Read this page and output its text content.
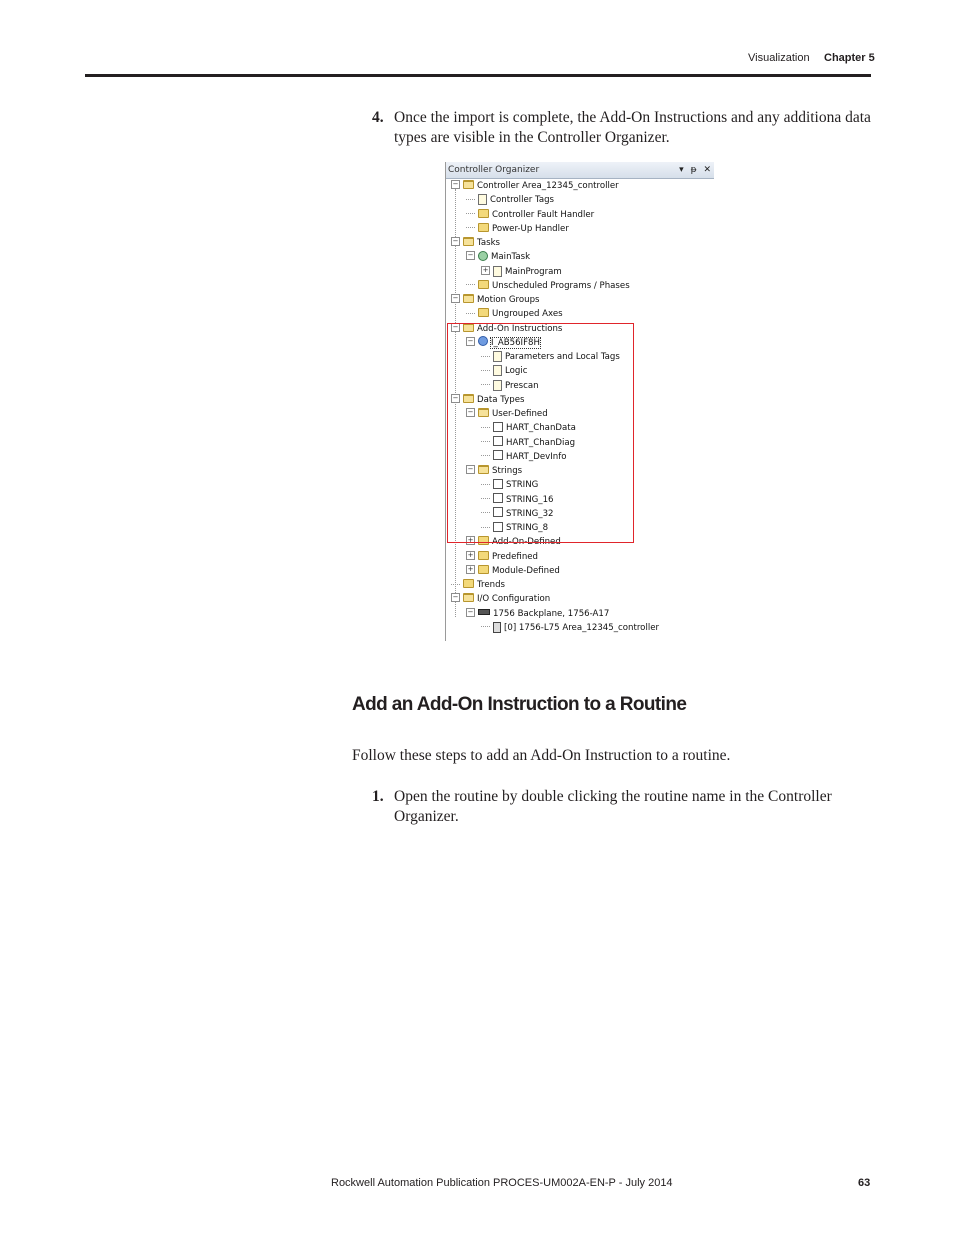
Visualization Chapter 5
4. Once the import is complete, the Add-On Instructions and any additiona data types are visible in the Controller Organizer.
Controller Organizer	▾ ᵽ ✕
− Controller Area_12345_controller
Controller Tags
Controller Fault Handler
Power-Up Handler
− Tasks
− MainTask
+ MainProgram
Unscheduled Programs / Phases
− Motion Groups
Ungrouped Axes
− Add-On Instructions
− I_AB56IF8H
Parameters and Local Tags
Logic
Prescan
− Data Types
− User-Defined
HART_ChanData
HART_ChanDiag
HART_DevInfo
− Strings
STRING
STRING_16
STRING_32
STRING_8
+ Add-On-Defined
+ Predefined
+ Module-Defined
Trends
− I/O Configuration
− 1756 Backplane, 1756-A17
[0] 1756-L75 Area_12345_controller
Add an Add-On Instruction to a Routine
Follow these steps to add an Add-On Instruction to a routine.
1. Open the routine by double clicking the routine name in the Controller Organizer.
Rockwell Automation Publication PROCES-UM002A-EN-P - July 2014	63
